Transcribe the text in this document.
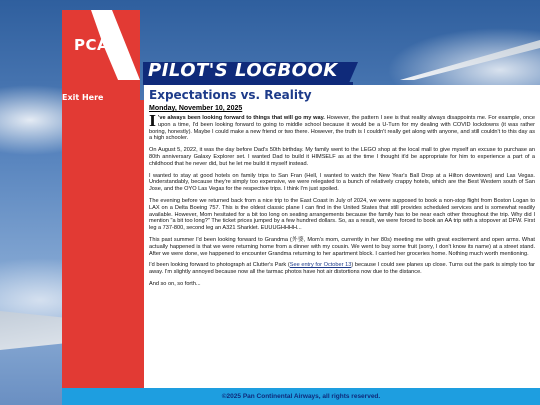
PCA
PILOT'S LOGBOOK
Exit Here	Expectations vs. Reality
Monday, November 10, 2025

I 've always been looking forward to things that will go my way. However, the pattern I see is that reality always disappoints me. For example, once upon a time, I'd been looking forward to going to middle school because it would be a U-Turn for my dealing with COVID lockdowns (it was rather boring, honestly). Maybe I could make a new friend or two there. However, the truth is I couldn't really get along with anyone, and still couldn't to this day as a high schooler.

On August 5, 2022, it was the day before Dad's 50th birthday. My family went to the LEGO shop at the local mall to give myself an excuse to purchase an 80th anniversary Galaxy Explorer set. I wanted Dad to build it HIMSELF as at the time I thought it'd be appropriate for him to experience a part of a childhood that he never did, but he let me build it myself instead.

I wanted to stay at good hotels on family trips to San Fran (Hell, I wanted to watch the New Year's Ball Drop at a Hilton downtown) and Las Vegas. Understandably, because they're simply too expensive, we were relegated to a bunch of relatively crappy hotels, which are the Best Western south of San Jose, and the OYO Las Vegas for the respective trips. I think I'm just spoiled.

The evening before we returned back from a nice trip to the East Coast in July of 2024, we were supposed to book a non-stop flight from Boston Logan to LAX on a Delta Boeing 757. This is the oldest classic plane I can find in the United States that still provides scheduled services and is somewhat readily available. However, Mom hesitated for a bit too long on seating arrangements because the family has to be near each other throughout the trip. Why did I mention "a bit too long?" The ticket prices jumped by a few hundred dollars. So, as a result, we were forced to book an AA trip with a stopover at DFW. First leg a 737-800, second leg an A321 Sharklet. EUUUGHHHH...

This past summer I'd been looking forward to Grandma (外婆, Mom's mom, currently in her 80s) meeting me with great excitement and open arms. What actually happened is that we were returning home from a dinner with my cousin. We went to buy some fruit (sorry, I don't know its name) at a street stand. After we were done, we happened to encounter Grandma returning to her apartment block. I carried her groceries home. Nothing much worth mentioning.

I'd been looking forward to photograph at Clutter's Park (See entry for October 13) because I could see planes up close. Turns out the park is simply too far away. I'm slightly annoyed because now all the tarmac photos have hot air distortions now due to the distance.

And so on, so forth...

©2025 Pan Continental Airways, all rights reserved.
